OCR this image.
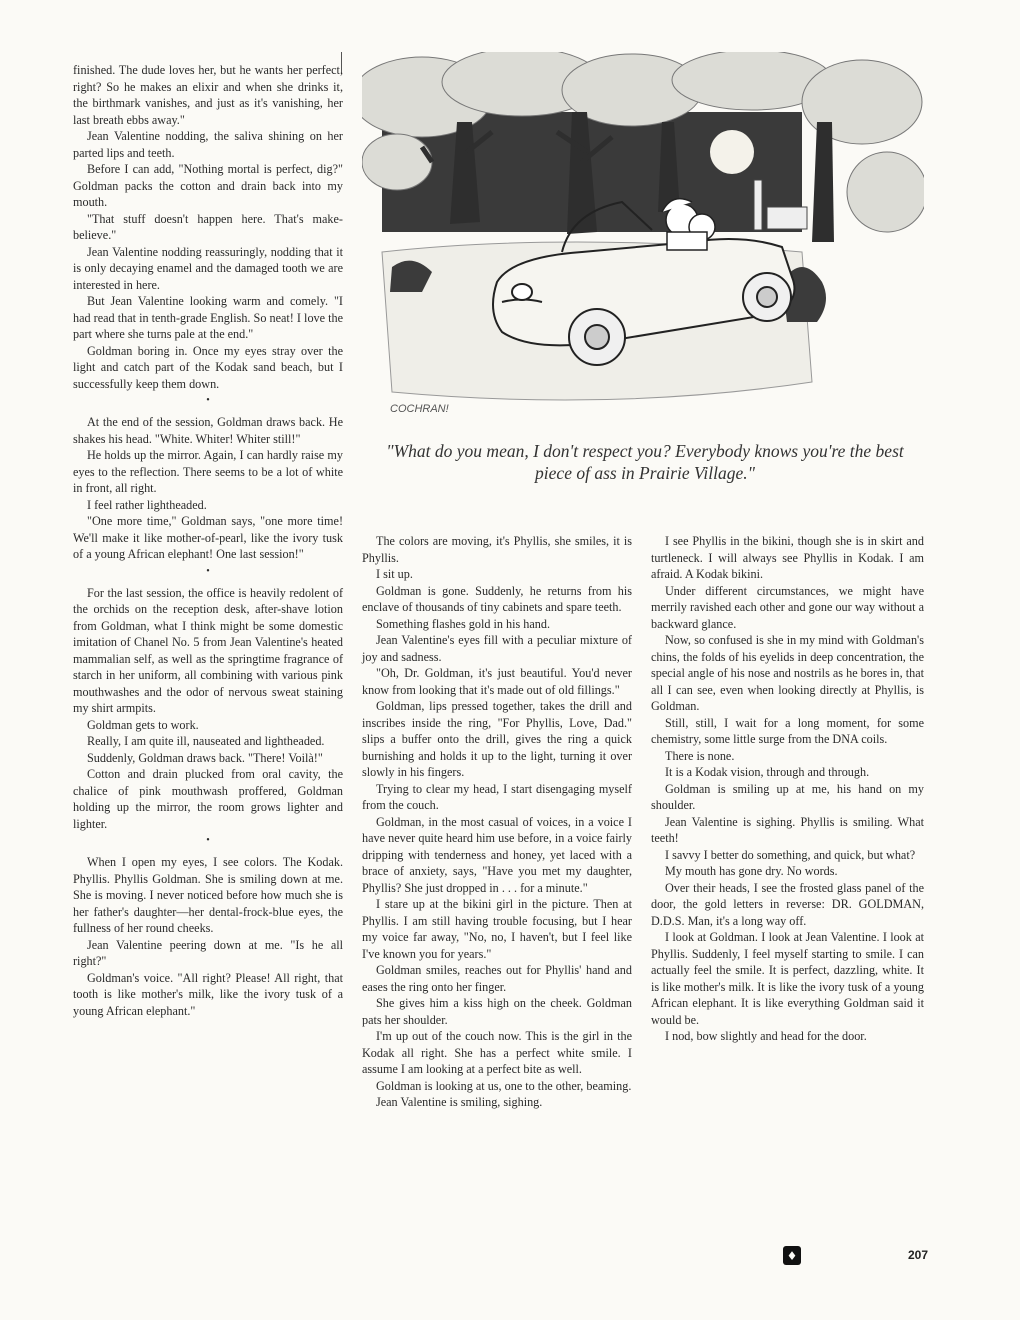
finished. The dude loves her, but he wants her perfect, right? So he makes an elixir and when she drinks it, the birthmark vanishes, and just as it's vanishing, her last breath ebbs away."

Jean Valentine nodding, the saliva shining on her parted lips and teeth.

Before I can add, "Nothing mortal is perfect, dig?" Goldman packs the cotton and drain back into my mouth.

"That stuff doesn't happen here. That's make-believe."

Jean Valentine nodding reassuringly, nodding that it is only decaying enamel and the damaged tooth we are interested in here.

But Jean Valentine looking warm and comely. "I had read that in tenth-grade English. So neat! I love the part where she turns pale at the end."

Goldman boring in. Once my eyes stray over the light and catch part of the Kodak sand beach, but I successfully keep them down.

•

At the end of the session, Goldman draws back. He shakes his head. "White. Whiter! Whiter still!"

He holds up the mirror. Again, I can hardly raise my eyes to the reflection. There seems to be a lot of white in front, all right.

I feel rather lightheaded.

"One more time," Goldman says, "one more time! We'll make it like mother-of-pearl, like the ivory tusk of a young African elephant! One last session!"

•

For the last session, the office is heavily redolent of the orchids on the reception desk, after-shave lotion from Goldman, what I think might be some domestic imitation of Chanel No. 5 from Jean Valentine's heated mammalian self, as well as the springtime fragrance of starch in her uniform, all combining with various pink mouthwashes and the odor of nervous sweat staining my shirt armpits.

Goldman gets to work.

Really, I am quite ill, nauseated and lightheaded.

Suddenly, Goldman draws back. "There! Voilà!"

Cotton and drain plucked from oral cavity, the chalice of pink mouthwash proffered, Goldman holding up the mirror, the room grows lighter and lighter.

•

When I open my eyes, I see colors. The Kodak. Phyllis. Phyllis Goldman. She is smiling down at me. She is moving. I never noticed before how much she is her father's daughter—her dental-frock-blue eyes, the fullness of her round cheeks.

Jean Valentine peering down at me. "Is he all right?"

Goldman's voice. "All right? Please! All right, that tooth is like mother's milk, like the ivory tusk of a young African elephant."

COCHRAN!
"What do you mean, I don't respect you? Everybody knows you're the best piece of ass in Prairie Village."

The colors are moving, it's Phyllis, she smiles, it is Phyllis.

I sit up.

Goldman is gone. Suddenly, he returns from his enclave of thousands of tiny cabinets and spare teeth.

Something flashes gold in his hand.

Jean Valentine's eyes fill with a peculiar mixture of joy and sadness.

"Oh, Dr. Goldman, it's just beautiful. You'd never know from looking that it's made out of old fillings."

Goldman, lips pressed together, takes the drill and inscribes inside the ring, "For Phyllis, Love, Dad." slips a buffer onto the drill, gives the ring a quick burnishing and holds it up to the light, turning it over slowly in his fingers.

Trying to clear my head, I start disengaging myself from the couch.

Goldman, in the most casual of voices, in a voice I have never quite heard him use before, in a voice fairly dripping with tenderness and honey, yet laced with a brace of anxiety, says, "Have you met my daughter, Phyllis? She just dropped in . . . for a minute."

I stare up at the bikini girl in the picture. Then at Phyllis. I am still having trouble focusing, but I hear my voice far away, "No, no, I haven't, but I feel like I've known you for years."

Goldman smiles, reaches out for Phyllis' hand and eases the ring onto her finger.

She gives him a kiss high on the cheek. Goldman pats her shoulder.

I'm up out of the couch now. This is the girl in the Kodak all right. She has a perfect white smile. I assume I am looking at a perfect bite as well.

Goldman is looking at us, one to the other, beaming.

Jean Valentine is smiling, sighing.

I see Phyllis in the bikini, though she is in skirt and turtleneck. I will always see Phyllis in Kodak. I am afraid. A Kodak bikini.

Under different circumstances, we might have merrily ravished each other and gone our way without a backward glance.

Now, so confused is she in my mind with Goldman's chins, the folds of his eyelids in deep concentration, the special angle of his nose and nostrils as he bores in, that all I can see, even when looking directly at Phyllis, is Goldman.

Still, still, I wait for a long moment, for some chemistry, some little surge from the DNA coils.

There is none.

It is a Kodak vision, through and through.

Goldman is smiling up at me, his hand on my shoulder.

Jean Valentine is sighing. Phyllis is smiling. What teeth!

I savvy I better do something, and quick, but what?

My mouth has gone dry. No words.

Over their heads, I see the frosted glass panel of the door, the gold letters in reverse: DR. GOLDMAN, D.D.S. Man, it's a long way off.

I look at Goldman. I look at Jean Valentine. I look at Phyllis. Suddenly, I feel myself starting to smile. I can actually feel the smile. It is perfect, dazzling, white. It is like mother's milk. It is like the ivory tusk of a young African elephant. It is like everything Goldman said it would be.

I nod, bow slightly and head for the door.

♦	207
